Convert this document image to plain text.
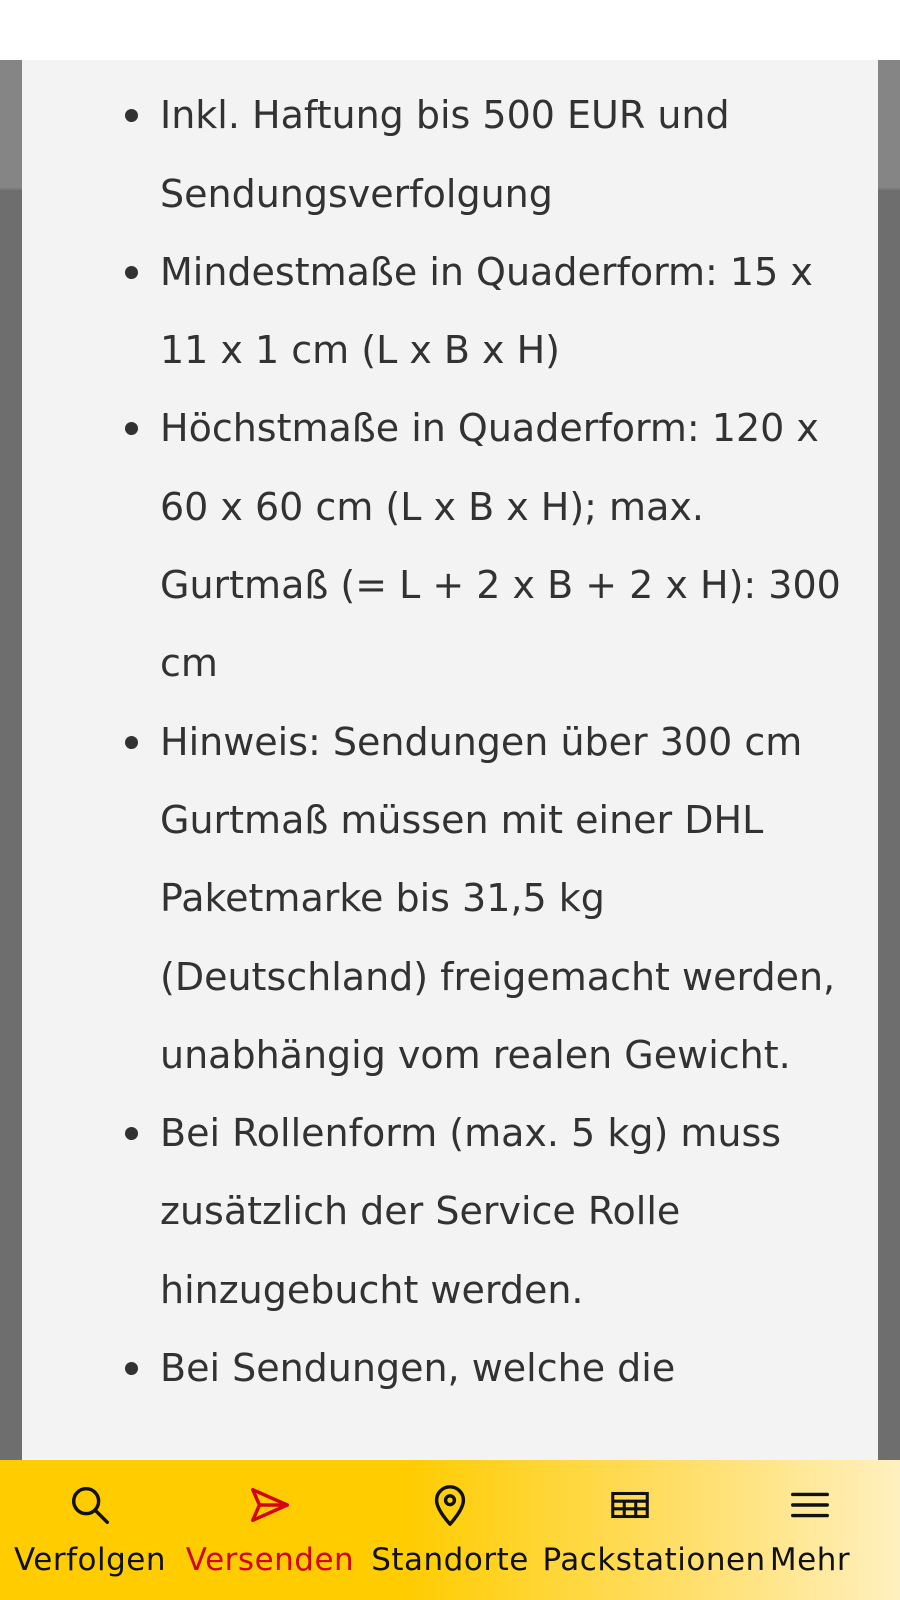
Inkl. Haftung bis 500 EUR und Sendungsverfolgung
Mindestmaße in Quaderform: 15 x 11 x 1 cm (L x B x H)
Höchstmaße in Quaderform: 120 x 60 x 60 cm (L x B x H); max. Gurtmaß (= L + 2 x B + 2 x H): 300 cm
Hinweis: Sendungen über 300 cm Gurtmaß müssen mit einer DHL Paketmarke bis 31,5 kg (Deutschland) freigemacht werden, unabhängig vom realen Gewicht.
Bei Rollenform (max. 5 kg) muss zusätzlich der Service Rolle hinzugebucht werden.
Bei Sendungen, welche die
Verfolgen Versenden Standorte Packstationen Mehr
